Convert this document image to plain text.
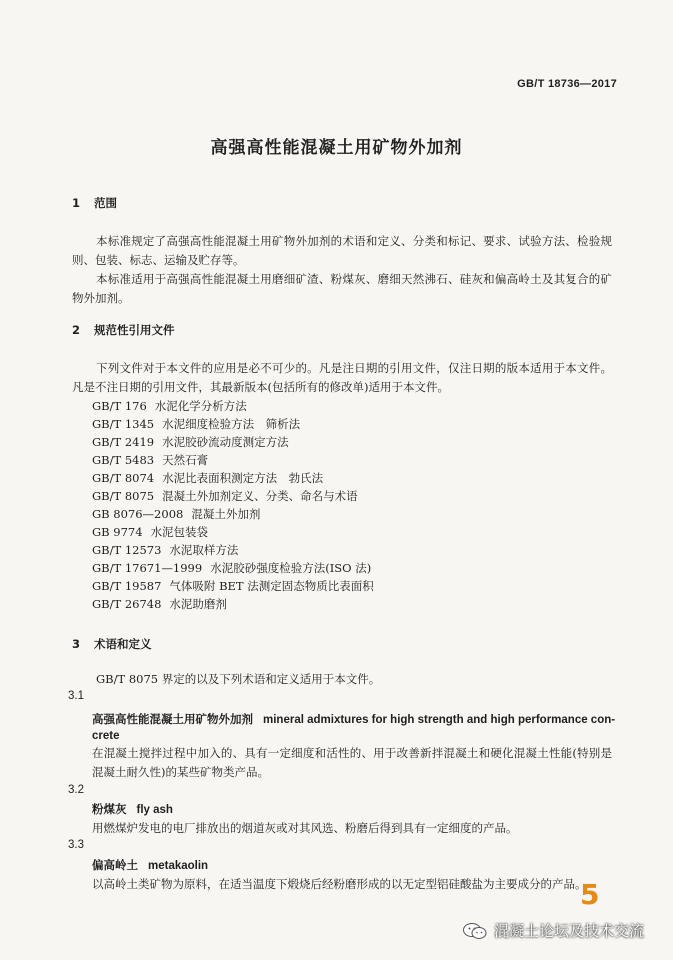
GB/T 18736—2017
高强高性能混凝土用矿物外加剂
1 范围
本标准规定了高强高性能混凝土用矿物外加剂的术语和定义、分类和标记、要求、试验方法、检验规则、包装、标志、运输及贮存等。
本标准适用于高强高性能混凝土用磨细矿渣、粉煤灰、磨细天然沸石、硅灰和偏高岭土及其复合的矿物外加剂。
2 规范性引用文件
下列文件对于本文件的应用是必不可少的。凡是注日期的引用文件，仅注日期的版本适用于本文件。凡是不注日期的引用文件，其最新版本(包括所有的修改单)适用于本文件。
GB/T 176 水泥化学分析方法
GB/T 1345 水泥细度检验方法　筛析法
GB/T 2419 水泥胶砂流动度测定方法
GB/T 5483 天然石膏
GB/T 8074 水泥比表面积测定方法　勃氏法
GB/T 8075 混凝土外加剂定义、分类、命名与术语
GB 8076—2008 混凝土外加剂
GB 9774 水泥包装袋
GB/T 12573 水泥取样方法
GB/T 17671—1999 水泥胶砂强度检验方法(ISO 法)
GB/T 19587 气体吸附 BET 法测定固态物质比表面积
GB/T 26748 水泥助磨剂
3 术语和定义
GB/T 8075 界定的以及下列术语和定义适用于本文件。
3.1
高强高性能混凝土用矿物外加剂 mineral admixtures for high strength and high performance con-
crete
在混凝土搅拌过程中加入的、具有一定细度和活性的、用于改善新拌混凝土和硬化混凝土性能(特别是混凝土耐久性)的某些矿物类产品。
3.2
粉煤灰 fly ash
用燃煤炉发电的电厂排放出的烟道灰或对其风选、粉磨后得到具有一定细度的产品。
3.3
偏高岭土 metakaolin
以高岭土类矿物为原料，在适当温度下煅烧后经粉磨形成的以无定型铝硅酸盐为主要成分的产品。
5
混凝土论坛及技术交流
